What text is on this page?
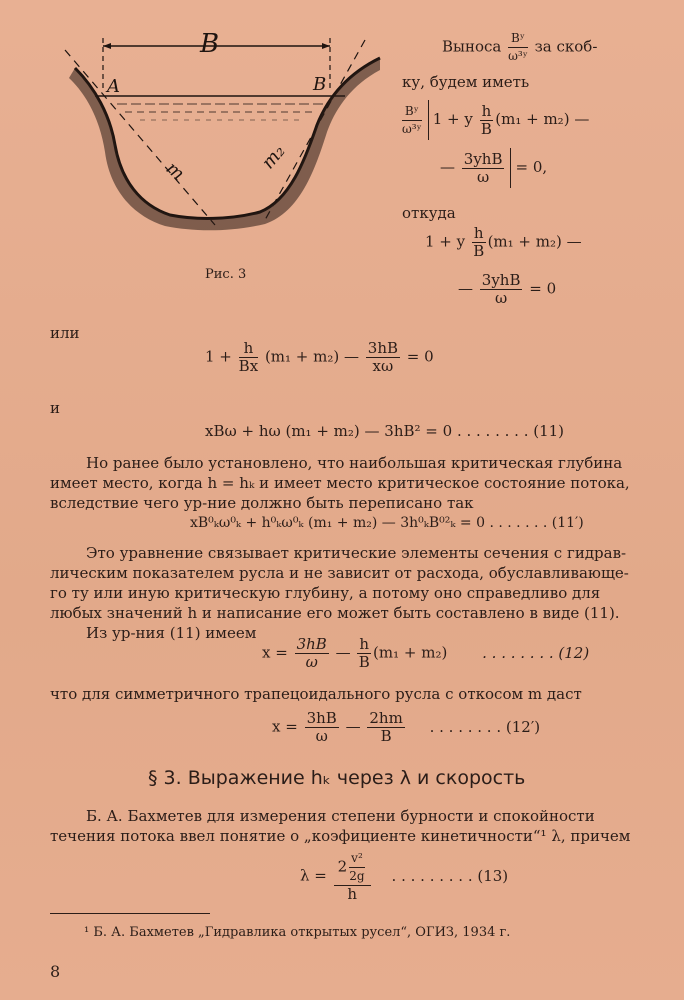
B
A	B
m	m₂
Рис. 3
Выноса $\frac{\text{Bʸ}}{\text{ω³ʸ}}$ за скоб-
ку, будем иметь
$\frac{\text{Bʸ}}{\text{ω³ʸ}} 1 + y \frac{h}{B} (m_1 + m_2)$ —
— $\frac{\text{3yhB}}{\omega} = 0$,
откуда
1 + y $\frac{h}{B} (m_1 + m_2)$ —
— $\frac{\text{3yhB}}{\omega} = 0$
или
$1 + \frac{h}{Bx} (m_1 + m_2)$ — $\frac{3hB}{x\omega} = 0$
и
xBω + hω (m₁ + m₂) — 3hB² = 0 . . . . . . . . (11)
Но ранее было установлено, что наибольшая критическая глубина
имеет место, когда h = hₖ и имеет место критическое состояние потока,
вследствие чего ур-ние должно быть переписано так
xB⁰ₖω⁰ₖ + h⁰ₖω⁰ₖ (m₁ + m₂) — 3h⁰ₖB⁰²ₖ = 0 . . . . . . . (11′)
Это уравнение связывает критические элементы сечения с гидрав-
лическим показателем русла и не зависит от расхода, обуславливающе-
го ту или иную критическую глубину, а потому оно справедливо для
любых значений h и написание его может быть составлено в виде (11).
Из ур-ния (11) имеем
$x = \frac{3hB}{\omega}$ — $\frac{h}{B} (m_1 + m_2)$ . . . . . . . . (12)
что для симметричного трапецоидального русла с откосом m даст
$x = \frac{3hB}{\omega}$ — $\frac{2hm}{B}$ . . . . . . . . (12′)
§ 3. Выражение hₖ через λ и скорость
Б. А. Бахметев для измерения степени бурности и спокойности
течения потока ввел понятие о „коэфициенте кинетичности“¹ λ, причем
$\lambda = \frac{2 \frac{\text{v²}}{2g}}{h}$ . . . . . . . . . (13)
¹ Б. А. Бахметев „Гидравлика открытых русел“, ОГИЗ, 1934 г.
8
